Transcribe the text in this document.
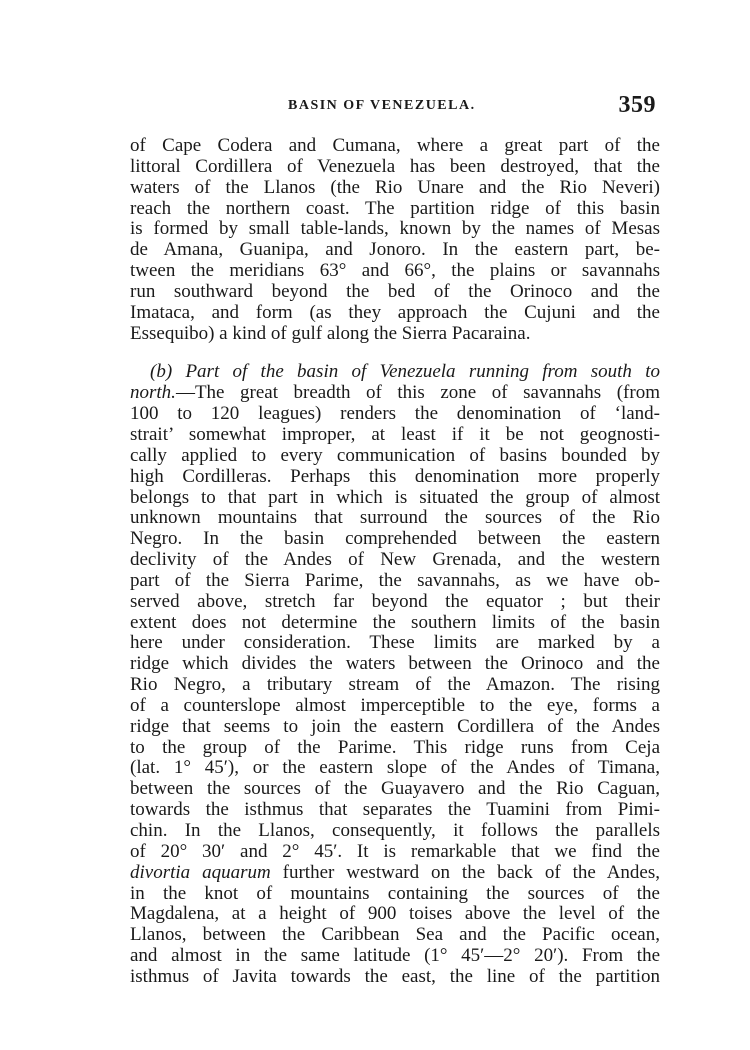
BASIN OF VENEZUELA.	359
of Cape Codera and Cumana, where a great part of the
littoral Cordillera of Venezuela has been destroyed, that the
waters of the Llanos (the Rio Unare and the Rio Neveri)
reach the northern coast. The partition ridge of this basin
is formed by small table-lands, known by the names of Mesas
de Amana, Guanipa, and Jonoro. In the eastern part, be-
tween the meridians 63° and 66°, the plains or savannahs
run southward beyond the bed of the Orinoco and the
Imataca, and form (as they approach the Cujuni and the
Essequibo) a kind of gulf along the Sierra Pacaraina.
(b) Part of the basin of Venezuela running from south to
north.—The great breadth of this zone of savannahs (from
100 to 120 leagues) renders the denomination of ‘land-
strait’ somewhat improper, at least if it be not geognosti-
cally applied to every communication of basins bounded by
high Cordilleras. Perhaps this denomination more properly
belongs to that part in which is situated the group of almost
unknown mountains that surround the sources of the Rio
Negro. In the basin comprehended between the eastern
declivity of the Andes of New Grenada, and the western
part of the Sierra Parime, the savannahs, as we have ob-
served above, stretch far beyond the equator ; but their
extent does not determine the southern limits of the basin
here under consideration. These limits are marked by a
ridge which divides the waters between the Orinoco and the
Rio Negro, a tributary stream of the Amazon. The rising
of a counterslope almost imperceptible to the eye, forms a
ridge that seems to join the eastern Cordillera of the Andes
to the group of the Parime. This ridge runs from Ceja
(lat. 1° 45′), or the eastern slope of the Andes of Timana,
between the sources of the Guayavero and the Rio Caguan,
towards the isthmus that separates the Tuamini from Pimi-
chin. In the Llanos, consequently, it follows the parallels
of 20° 30′ and 2° 45′. It is remarkable that we find the
divortia aquarum further westward on the back of the Andes,
in the knot of mountains containing the sources of the
Magdalena, at a height of 900 toises above the level of the
Llanos, between the Caribbean Sea and the Pacific ocean,
and almost in the same latitude (1° 45′—2° 20′). From the
isthmus of Javita towards the east, the line of the partition
